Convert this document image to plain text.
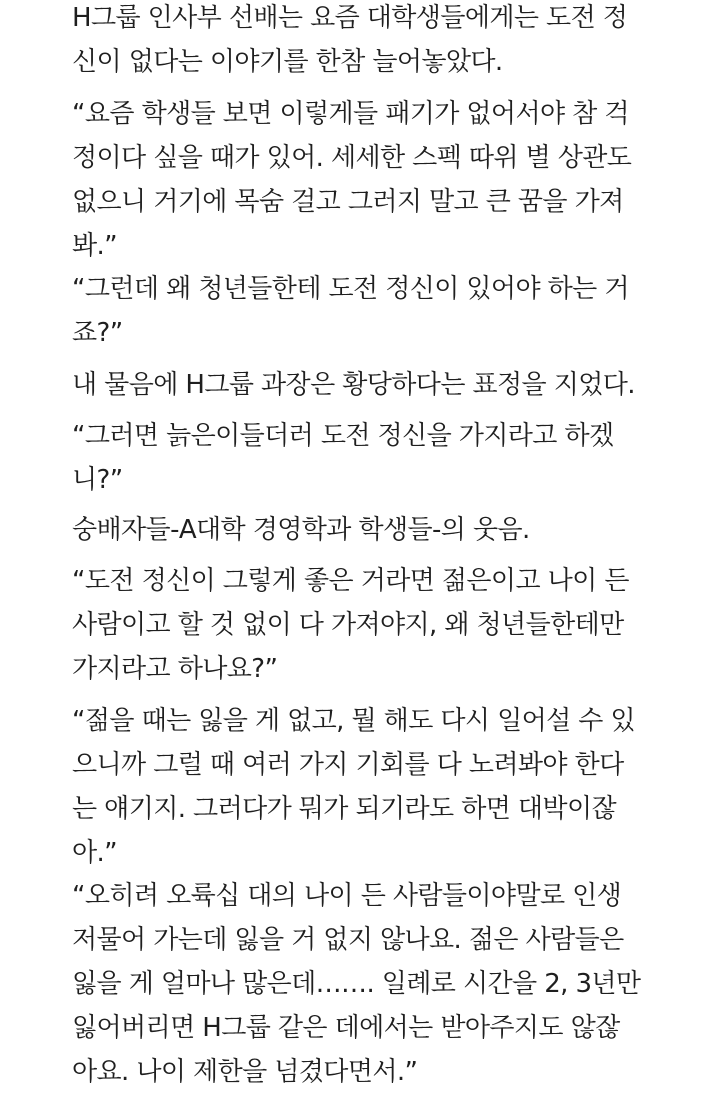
H그룹 인사부 선배는 요즘 대학생들에게는 도전 정
신이 없다는 이야기를 한참 늘어놓았다.

“요즘 학생들 보면 이렇게들 패기가 없어서야 참 걱
정이다 싶을 때가 있어. 세세한 스펙 따위 별 상관도
없으니 거기에 목숨 걸고 그러지 말고 큰 꿈을 가져
봐.”

“그런데 왜 청년들한테 도전 정신이 있어야 하는 거
죠?”

내 물음에 H그룹 과장은 황당하다는 표정을 지었다.

“그러면 늙은이들더러 도전 정신을 가지라고 하겠
니?”

숭배자들-A대학 경영학과 학생들-의 웃음.

“도전 정신이 그렇게 좋은 거라면 젊은이고 나이 든
사람이고 할 것 없이 다 가져야지, 왜 청년들한테만
가지라고 하나요?”

“젊을 때는 잃을 게 없고, 뭘 해도 다시 일어설 수 있
으니까 그럴 때 여러 가지 기회를 다 노려봐야 한다
는 얘기지. 그러다가 뭐가 되기라도 하면 대박이잖
아.”

“오히려 오륙십 대의 나이 든 사람들이야말로 인생
저물어 가는데 잃을 거 없지 않나요. 젊은 사람들은
잃을 게 얼마나 많은데……. 일례로 시간을 2, 3년만
잃어버리면 H그룹 같은 데에서는 받아주지도 않잖
아요. 나이 제한을 넘겼다면서.”
